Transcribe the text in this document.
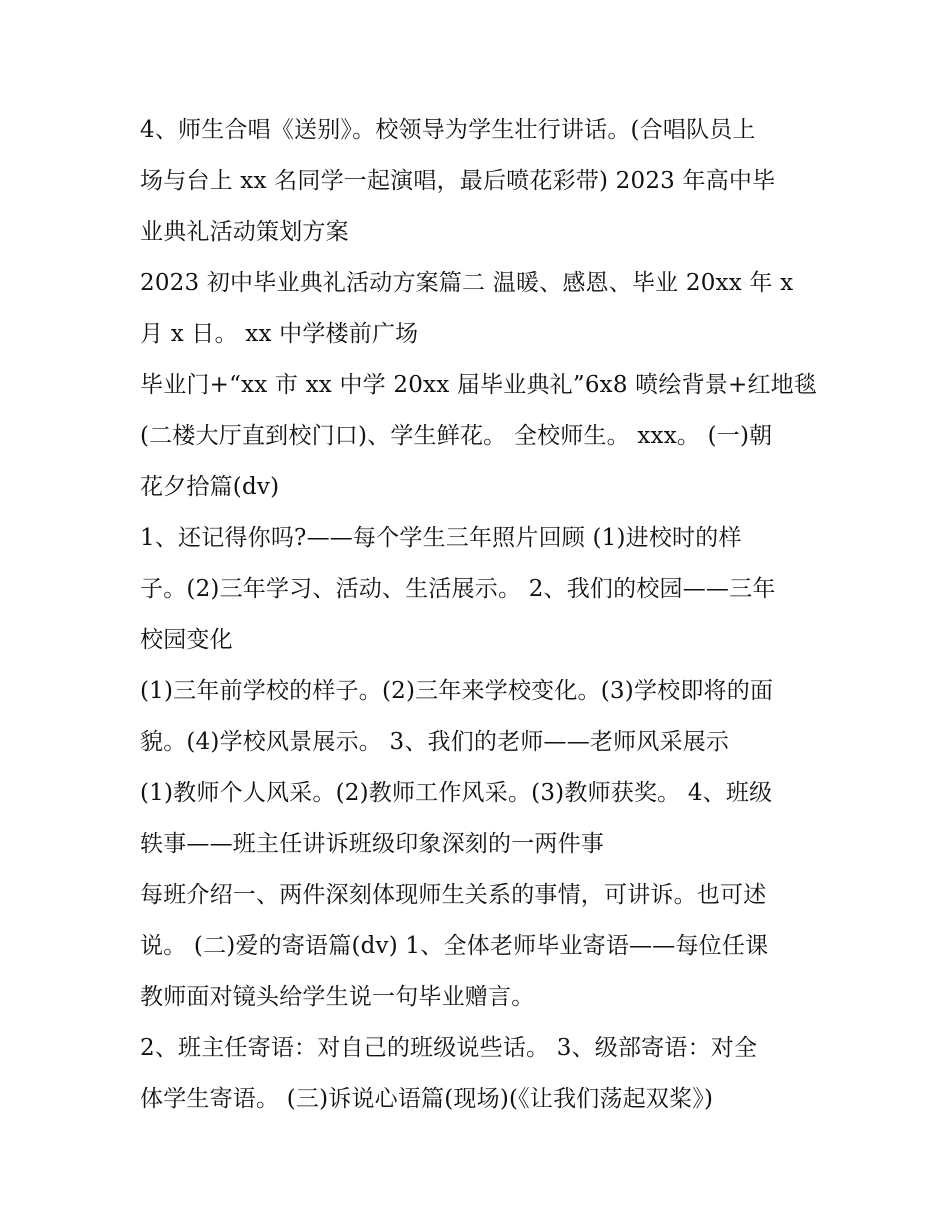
4、师生合唱《送别》。校领导为学生壮行讲话。(合唱队员上
场与台上 xx 名同学一起演唱，最后喷花彩带) 2023 年高中毕
业典礼活动策划方案
2023 初中毕业典礼活动方案篇二 温暖、感恩、毕业 20xx 年 x
月 x 日。 xx 中学楼前广场
毕业门+“xx 市 xx 中学 20xx 届毕业典礼”6x8 喷绘背景+红地毯
(二楼大厅直到校门口)、学生鲜花。 全校师生。 xxx。 (一)朝
花夕拾篇(dv)
1、还记得你吗?——每个学生三年照片回顾 (1)进校时的样
子。(2)三年学习、活动、生活展示。 2、我们的校园——三年
校园变化
(1)三年前学校的样子。(2)三年来学校变化。(3)学校即将的面
貌。(4)学校风景展示。 3、我们的老师——老师风采展示
(1)教师个人风采。(2)教师工作风采。(3)教师获奖。 4、班级
轶事——班主任讲诉班级印象深刻的一两件事
每班介绍一、两件深刻体现师生关系的事情，可讲诉。也可述
说。 (二)爱的寄语篇(dv) 1、全体老师毕业寄语——每位任课
教师面对镜头给学生说一句毕业赠言。
2、班主任寄语：对自己的班级说些话。 3、级部寄语：对全
体学生寄语。 (三)诉说心语篇(现场)(《让我们荡起双桨》)
